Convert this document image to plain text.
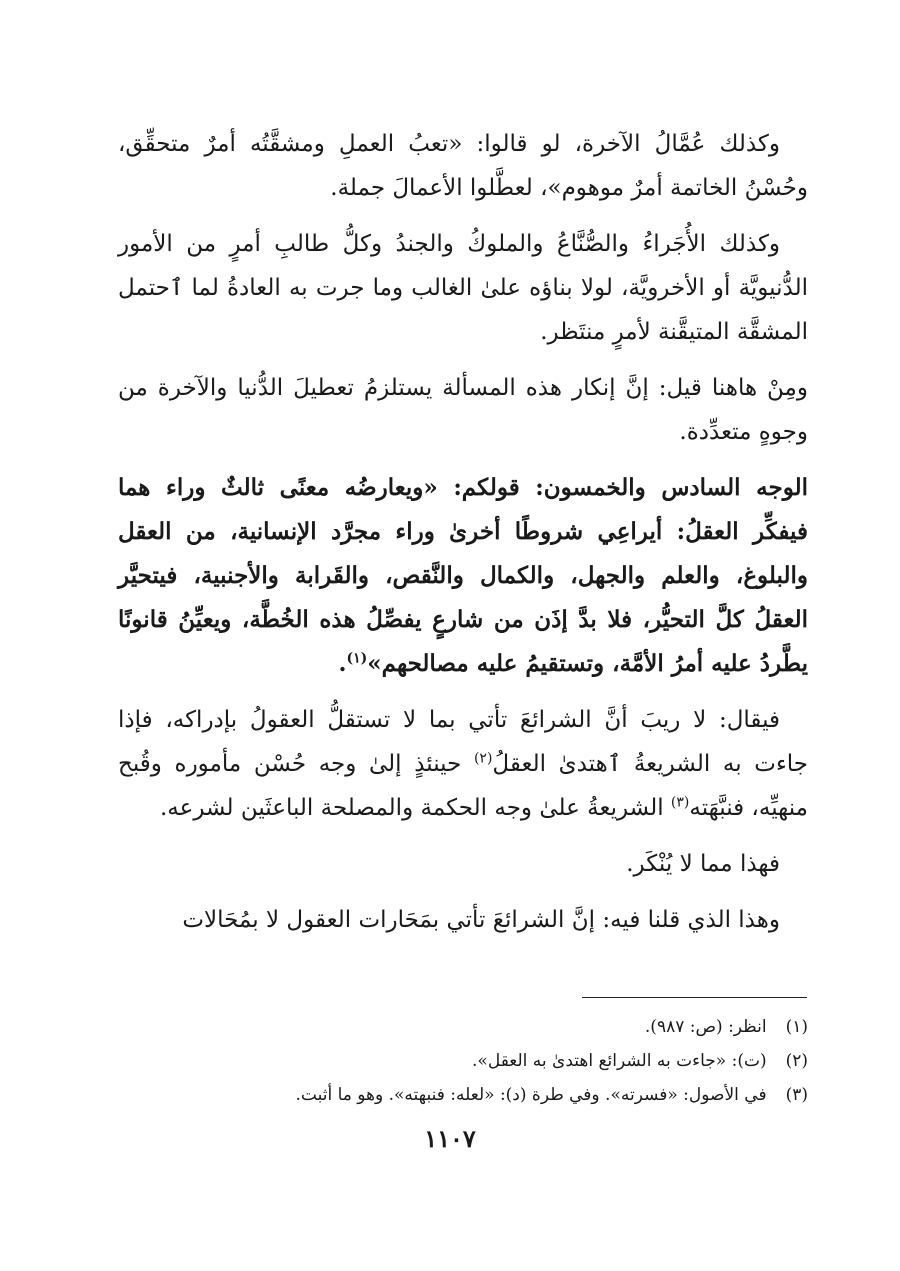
وكذلك عُمَّالُ الآخرة، لو قالوا: «تعبُ العملِ ومشقَّتُه أمرٌ متحقِّق، وحُسْنُ الخاتمة أمرٌ موهوم»، لعطَّلوا الأعمالَ جملة.

وكذلك الأُجَراءُ والصُّنَّاعُ والملوكُ والجندُ وكلُّ طالبِ أمرٍ من الأمور الدُّنيويَّة أو الأخرويَّة، لولا بناؤه علىٰ الغالب وما جرت به العادةُ لما ٱحتمل المشقَّة المتيقَّنة لأمرٍ منتَظر.

ومِنْ هاهنا قيل: إنَّ إنكار هذه المسألة يستلزمُ تعطيلَ الدُّنيا والآخرة من وجوهٍ متعدِّدة.

الوجه السادس والخمسون: قولكم: «ويعارضُه معنًى ثالثٌ وراء هما فيفكِّر العقلُ: أيراعِي شروطًا أخرىٰ وراء مجرَّد الإنسانية، من العقل والبلوغ، والعلم والجهل، والكمال والنَّقص، والقَرابة والأجنبية، فيتحيَّر العقلُ كلَّ التحيُّر، فلا بدَّ إذَن من شارعٍ يفصِّلُ هذه الخُطَّة، ويعيِّنُ قانونًا يطَّردُ عليه أمرُ الأمَّة، وتستقيمُ عليه مصالحهم»$^{(١)}$.

فيقال: لا ريبَ أنَّ الشرائعَ تأتي بما لا تستقلُّ العقولُ بإدراكه، فإذا جاءت به الشريعةُ ٱهتدىٰ العقلُ$^{(٢)}$ حينئذٍ إلىٰ وجه حُسْن مأموره وقُبح منهيِّه، فنبَّهَته$^{(٣)}$ الشريعةُ علىٰ وجه الحكمة والمصلحة الباعثَين لشرعه.

فهذا مما لا يُنْكَر.

وهذا الذي قلنا فيه: إنَّ الشرائعَ تأتي بمَحَارات العقول لا بمُحَالات

(١) انظر: (ص: ٩٨٧).

(٢) (ت): «جاءت به الشرائع اهتدىٰ به العقل».

(٣) في الأصول: «فسرته». وفي طرة (د): «لعله: فنبهته». وهو ما أثبت.

١١٠٧
